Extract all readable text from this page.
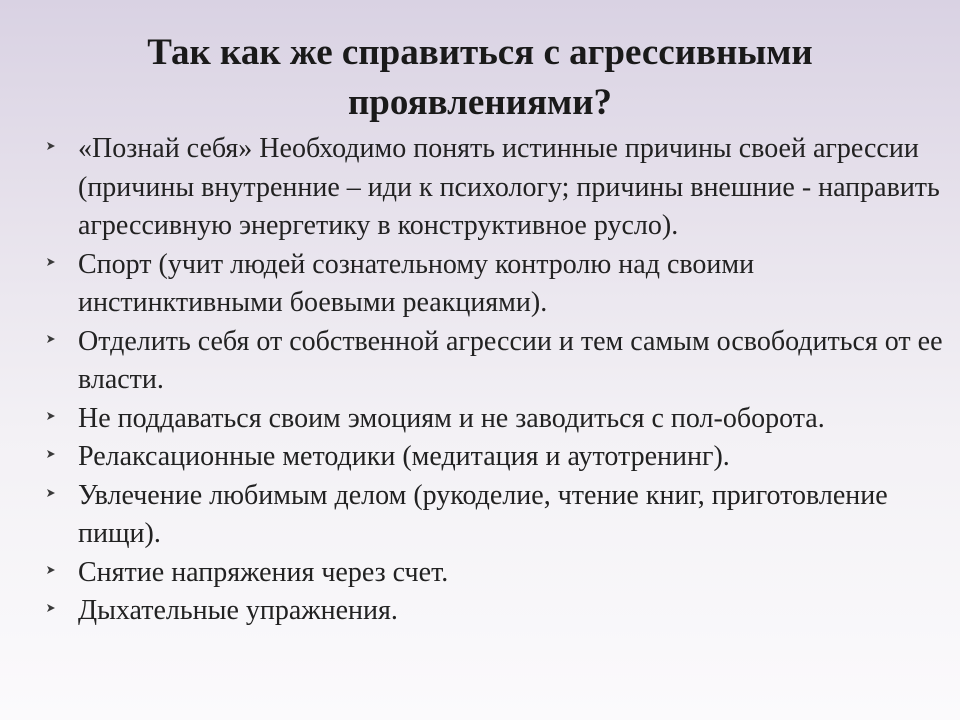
Так как же справиться с агрессивными
проявлениями?
«Познай себя» Необходимо понять истинные причины своей агрессии (причины внутренние – иди к психологу; причины внешние - направить агрессивную энергетику в конструктивное русло).
Спорт (учит людей сознательному контролю над своими инстинктивными боевыми реакциями).
Отделить себя от собственной агрессии и тем самым освободиться от ее власти.
Не поддаваться своим эмоциям и не заводиться с пол-оборота.
Релаксационные методики (медитация и аутотренинг).
Увлечение любимым делом (рукоделие, чтение книг, приготовление пищи).
Снятие напряжения через счет.
Дыхательные упражнения.
